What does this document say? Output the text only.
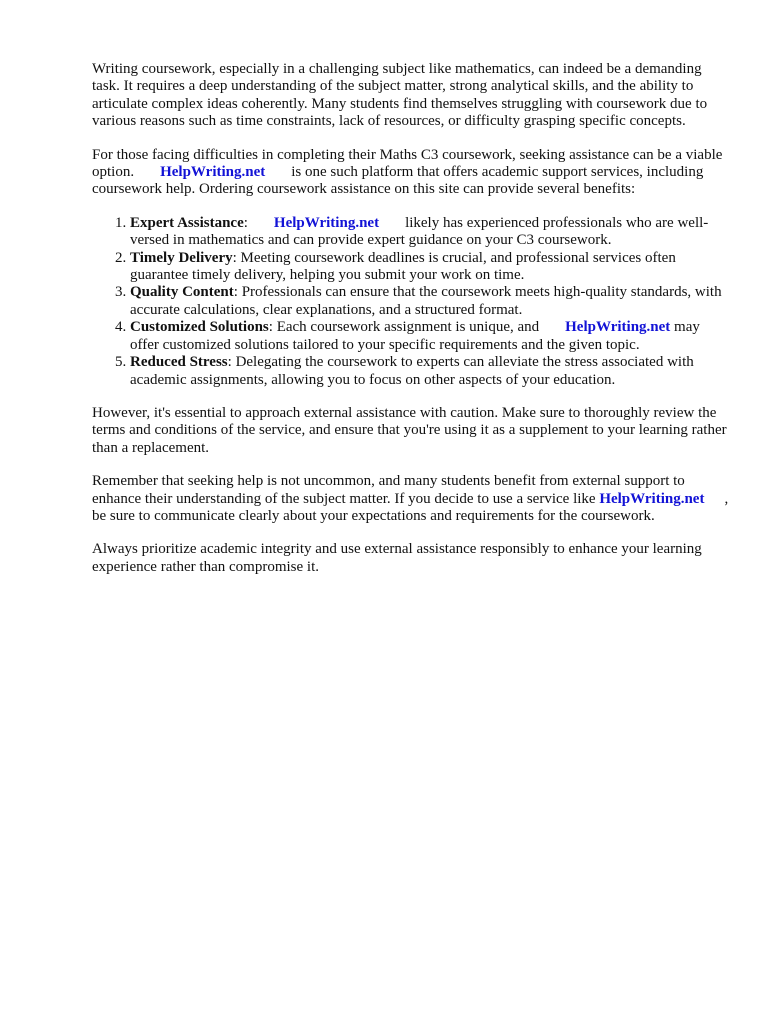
Writing coursework, especially in a challenging subject like mathematics, can indeed be a demanding task. It requires a deep understanding of the subject matter, strong analytical skills, and the ability to articulate complex ideas coherently. Many students find themselves struggling with coursework due to various reasons such as time constraints, lack of resources, or difficulty grasping specific concepts.

For those facing difficulties in completing their Maths C3 coursework, seeking assistance can be a viable option. HelpWriting.net is one such platform that offers academic support services, including coursework help. Ordering coursework assistance on this site can provide several benefits:

1. Expert Assistance: HelpWriting.net likely has experienced professionals who are well-versed in mathematics and can provide expert guidance on your C3 coursework.
2. Timely Delivery: Meeting coursework deadlines is crucial, and professional services often guarantee timely delivery, helping you submit your work on time.
3. Quality Content: Professionals can ensure that the coursework meets high-quality standards, with accurate calculations, clear explanations, and a structured format.
4. Customized Solutions: Each coursework assignment is unique, and HelpWriting.net may offer customized solutions tailored to your specific requirements and the given topic.
5. Reduced Stress: Delegating the coursework to experts can alleviate the stress associated with academic assignments, allowing you to focus on other aspects of your education.

However, it's essential to approach external assistance with caution. Make sure to thoroughly review the terms and conditions of the service, and ensure that you're using it as a supplement to your learning rather than a replacement.

Remember that seeking help is not uncommon, and many students benefit from external support to enhance their understanding of the subject matter. If you decide to use a service like HelpWriting.net , be sure to communicate clearly about your expectations and requirements for the coursework.

Always prioritize academic integrity and use external assistance responsibly to enhance your learning experience rather than compromise it.
